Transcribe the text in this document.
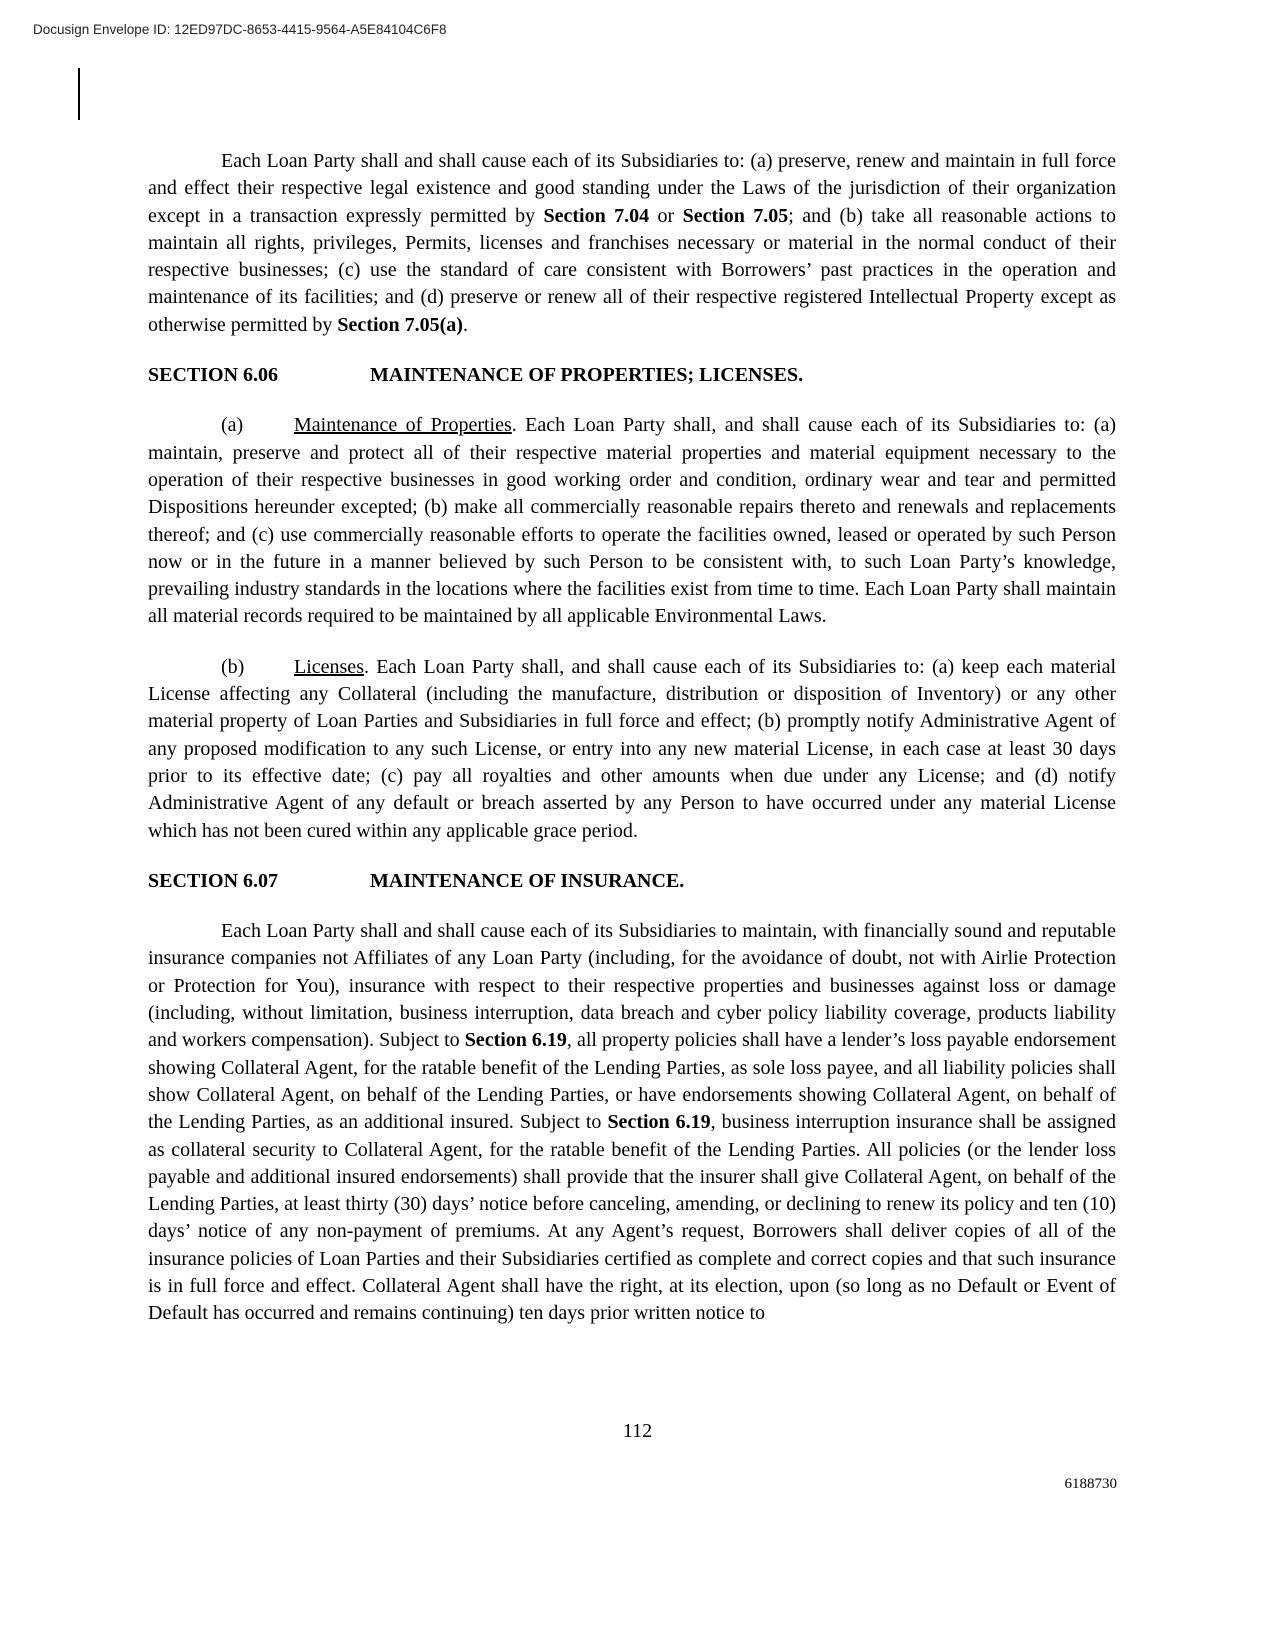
Docusign Envelope ID: 12ED97DC-8653-4415-9564-A5E84104C6F8

Each Loan Party shall and shall cause each of its Subsidiaries to: (a) preserve, renew and maintain in full force and effect their respective legal existence and good standing under the Laws of the jurisdiction of their organization except in a transaction expressly permitted by Section 7.04 or Section 7.05; and (b) take all reasonable actions to maintain all rights, privileges, Permits, licenses and franchises necessary or material in the normal conduct of their respective businesses; (c) use the standard of care consistent with Borrowers’ past practices in the operation and maintenance of its facilities; and (d) preserve or renew all of their respective registered Intellectual Property except as otherwise permitted by Section 7.05(a).

SECTION 6.06	MAINTENANCE OF PROPERTIES; LICENSES.

(a)	Maintenance of Properties. Each Loan Party shall, and shall cause each of its Subsidiaries to: (a) maintain, preserve and protect all of their respective material properties and material equipment necessary to the operation of their respective businesses in good working order and condition, ordinary wear and tear and permitted Dispositions hereunder excepted; (b) make all commercially reasonable repairs thereto and renewals and replacements thereof; and (c) use commercially reasonable efforts to operate the facilities owned, leased or operated by such Person now or in the future in a manner believed by such Person to be consistent with, to such Loan Party’s knowledge, prevailing industry standards in the locations where the facilities exist from time to time. Each Loan Party shall maintain all material records required to be maintained by all applicable Environmental Laws.

(b) Licenses. Each Loan Party shall, and shall cause each of its Subsidiaries to: (a) keep each material License affecting any Collateral (including the manufacture, distribution or disposition of Inventory) or any other material property of Loan Parties and Subsidiaries in full force and effect; (b) promptly notify Administrative Agent of any proposed modification to any such License, or entry into any new material License, in each case at least 30 days prior to its effective date; (c) pay all royalties and other amounts when due under any License; and (d) notify Administrative Agent of any default or breach asserted by any Person to have occurred under any material License which has not been cured within any applicable grace period.

SECTION 6.07	MAINTENANCE OF INSURANCE.

Each Loan Party shall and shall cause each of its Subsidiaries to maintain, with financially sound and reputable insurance companies not Affiliates of any Loan Party (including, for the avoidance of doubt, not with Airlie Protection or Protection for You), insurance with respect to their respective properties and businesses against loss or damage (including, without limitation, business interruption, data breach and cyber policy liability coverage, products liability and workers compensation). Subject to Section 6.19, all property policies shall have a lender’s loss payable endorsement showing Collateral Agent, for the ratable benefit of the Lending Parties, as sole loss payee, and all liability policies shall show Collateral Agent, on behalf of the Lending Parties, or have endorsements showing Collateral Agent, on behalf of the Lending Parties, as an additional insured. Subject to Section 6.19, business interruption insurance shall be assigned as collateral security to Collateral Agent, for the ratable benefit of the Lending Parties. All policies (or the lender loss payable and additional insured endorsements) shall provide that the insurer shall give Collateral Agent, on behalf of the Lending Parties, at least thirty (30) days’ notice before canceling, amending, or declining to renew its policy and ten (10) days’ notice of any non-payment of premiums. At any Agent’s request, Borrowers shall deliver copies of all of the insurance policies of Loan Parties and their Subsidiaries certified as complete and correct copies and that such insurance is in full force and effect. Collateral Agent shall have the right, at its election, upon (so long as no Default or Event of Default has occurred and remains continuing) ten days prior written notice to

112
6188730
